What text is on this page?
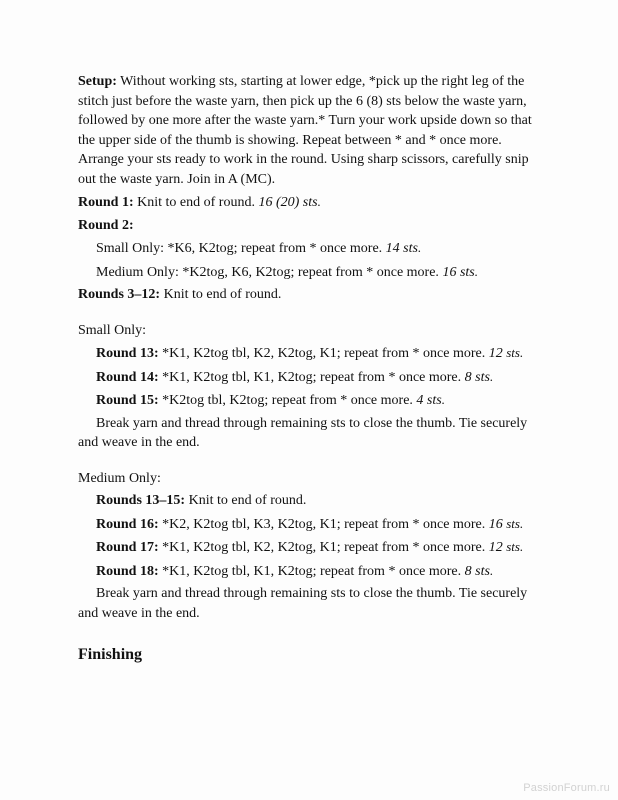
Setup: Without working sts, starting at lower edge, *pick up the right leg of the stitch just before the waste yarn, then pick up the 6 (8) sts below the waste yarn, followed by one more after the waste yarn.* Turn your work upside down so that the upper side of the thumb is showing. Repeat between * and * once more. Arrange your sts ready to work in the round. Using sharp scissors, carefully snip out the waste yarn. Join in A (MC).

Round 1: Knit to end of round. 16 (20) sts.

Round 2:

Small Only: *K6, K2tog; repeat from * once more. 14 sts.

Medium Only: *K2tog, K6, K2tog; repeat from * once more. 16 sts.

Rounds 3–12: Knit to end of round.

Small Only:

Round 13: *K1, K2tog tbl, K2, K2tog, K1; repeat from * once more. 12 sts.

Round 14: *K1, K2tog tbl, K1, K2tog; repeat from * once more. 8 sts.

Round 15: *K2tog tbl, K2tog; repeat from * once more. 4 sts.

Break yarn and thread through remaining sts to close the thumb. Tie securely and weave in the end.

Medium Only:

Rounds 13–15: Knit to end of round.

Round 16: *K2, K2tog tbl, K3, K2tog, K1; repeat from * once more. 16 sts.

Round 17: *K1, K2tog tbl, K2, K2tog, K1; repeat from * once more. 12 sts.

Round 18: *K1, K2tog tbl, K1, K2tog; repeat from * once more. 8 sts.

Break yarn and thread through remaining sts to close the thumb. Tie securely and weave in the end.

Finishing
PassionForum.ru
